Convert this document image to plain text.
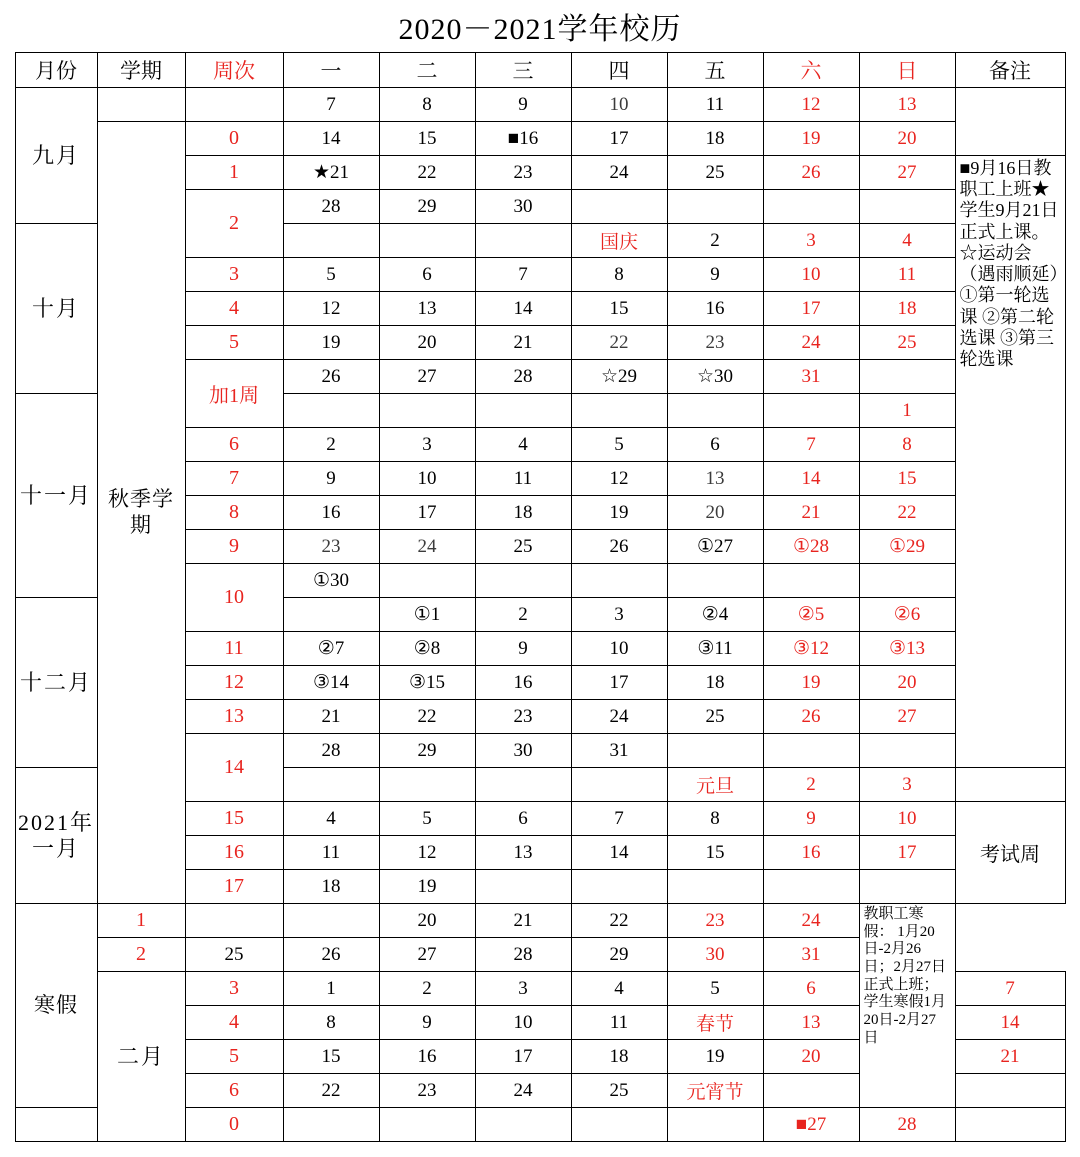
2020－2021学年校历
月份	学期	周次	一	二	三	四	五	六	日	备注
九月			7	8	9	10	11	12	13	
	秋季学期	0	14	15	■16	17	18	19	20	
		1	★21	22	23	24	25	26	27	■9月16日教职工上班★学生9月21日正式上课。☆运动会（遇雨顺延）①第一轮选课 ②第二轮选课 ③第三轮选课
		2	28	29	30					
十月						国庆	2	3	4	
		3	5	6	7	8	9	10	11	
		4	12	13	14	15	16	17	18	
		5	19	20	21	22	23	24	25	
		加1周	26	27	28	☆29	☆30	31		
十一月									1	
		6	2	3	4	5	6	7	8	
		7	9	10	11	12	13	14	15	
		8	16	17	18	19	20	21	22	
		9	23	24	25	26	①27	①28	①29	
		10	①30							
十二月				①1	2	3	②4	②5	②6	
		11	②7	②8	9	10	③11	③12	③13	
		12	③14	③15	16	17	18	19	20	
		13	21	22	23	24	25	26	27	
		14	28	29	30	31				
2021年一月							元旦	2	3	
		15	4	5	6	7	8	9	10	考试周
		16	11	12	13	14	15	16	17	
		17	18	19						
寒假	1			20	21	22	23	24	教职工寒假： 1月20日-2月26日；2月27日正式上班；学生寒假1月20日-2月27日	
	2	25	26	27	28	29	30	31		
	二月	3	1	2	3	4	5	6		7
		4	8	9	10	11	春节	13		14
		5	15	16	17	18	19	20		21
		6	22	23	24	25	元宵节			
		0						■27	28	
